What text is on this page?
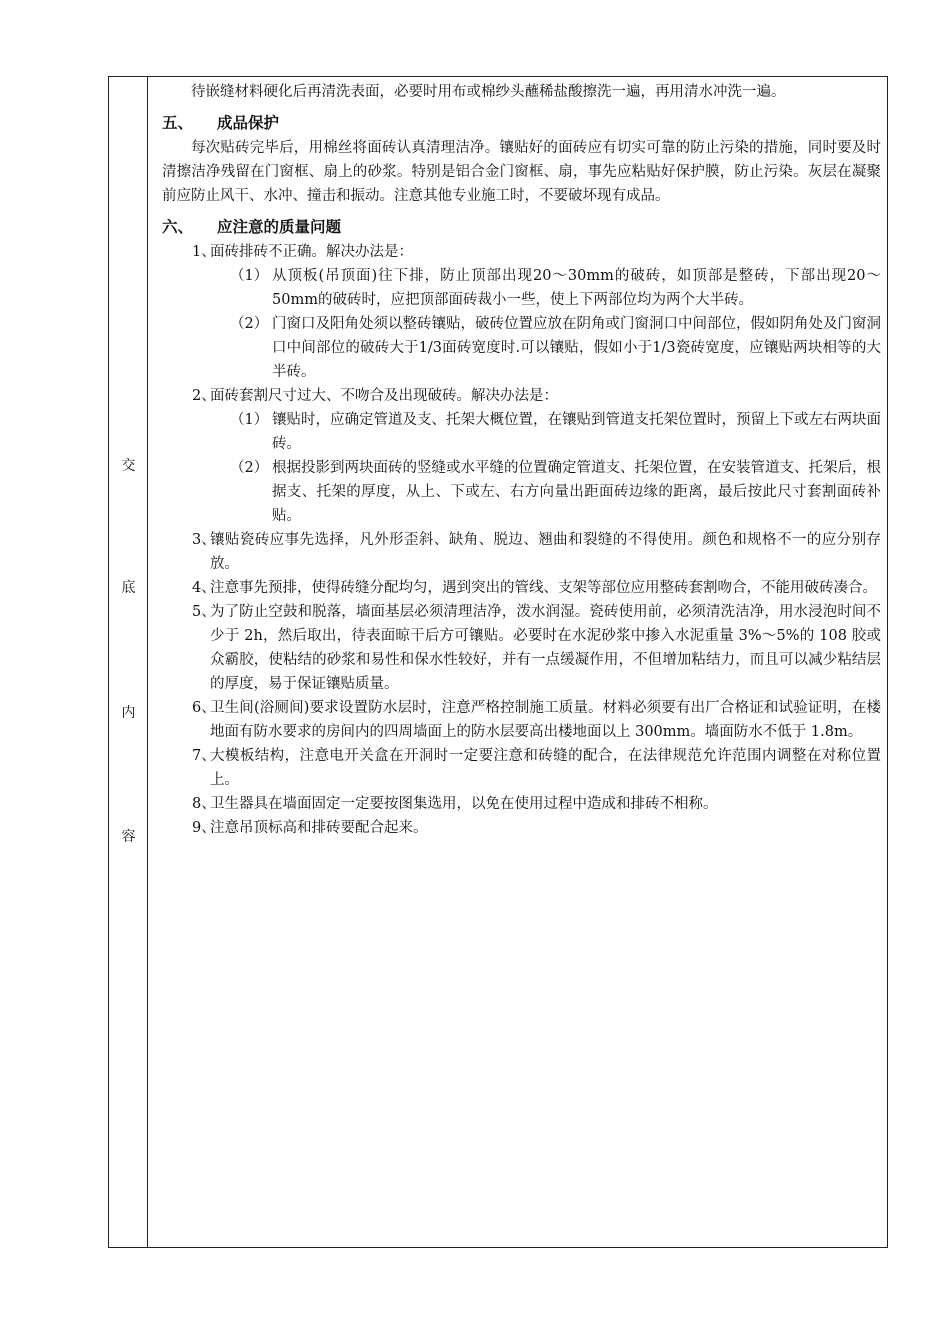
交
底
内
容

待嵌缝材料硬化后再清洗表面，必要时用布或棉纱头蘸稀盐酸擦洗一遍，再用清水冲洗一遍。

五、 成品保护

每次贴砖完毕后，用棉丝将面砖认真清理洁净。镶贴好的面砖应有切实可靠的防止污染的措施，同时要及时清擦洁净残留在门窗框、扇上的砂浆。特别是铝合金门窗框、扇，事先应粘贴好保护膜，防止污染。灰层在凝聚前应防止风干、水冲、撞击和振动。注意其他专业施工时，不要破坏现有成品。

六、 应注意的质量问题
1、
面砖排砖不正确。解决办法是：
（1） 从顶板(吊顶面)往下排，防止顶部出现20～30mm的破砖，如顶部是整砖，下部出现20～50mm的破砖时，应把顶部面砖裁小一些，使上下两部位均为两个大半砖。
（2） 门窗口及阳角处须以整砖镶贴，破砖位置应放在阴角或门窗洞口中间部位，假如阴角处及门窗洞口中间部位的破砖大于1/3面砖宽度时.可以镶贴，假如小于1/3瓷砖宽度，应镶贴两块相等的大半砖。
2、
面砖套割尺寸过大、不吻合及出现破砖。解决办法是：
（1） 镶贴时，应确定管道及支、托架大概位置，在镶贴到管道支托架位置时，预留上下或左右两块面砖。
（2） 根据投影到两块面砖的竖缝或水平缝的位置确定管道支、托架位置，在安装管道支、托架后，根据支、托架的厚度，从上、下或左、右方向量出距面砖边缘的距离，最后按此尺寸套割面砖补贴。
3、
镶贴瓷砖应事先选择，凡外形歪斜、缺角、脱边、翘曲和裂缝的不得使用。颜色和规格不一的应分别存放。
4、
注意事先预排，使得砖缝分配均匀，遇到突出的管线、支架等部位应用整砖套割吻合，不能用破砖凑合。
5、
为了防止空鼓和脱落，墙面基层必须清理洁净，泼水润湿。瓷砖使用前，必须清洗洁净，用水浸泡时间不少于 2h，然后取出，待表面晾干后方可镶贴。必要时在水泥砂浆中掺入水泥重量 3%～5%的 108 胶或众霸胶，使粘结的砂浆和易性和保水性较好，并有一点缓凝作用，不但增加粘结力，而且可以减少粘结层的厚度，易于保证镶贴质量。
6、
卫生间(浴厕间)要求设置防水层时，注意严格控制施工质量。材料必须要有出厂合格证和试验证明，在楼地面有防水要求的房间内的四周墙面上的防水层要高出楼地面以上 300mm。墙面防水不低于 1.8m。
7、
大模板结构，注意电开关盒在开洞时一定要注意和砖缝的配合，在法律规范允许范围内调整在对称位置上。
8、
卫生器具在墙面固定一定要按图集选用，以免在使用过程中造成和排砖不相称。
9、
注意吊顶标高和排砖要配合起来。
